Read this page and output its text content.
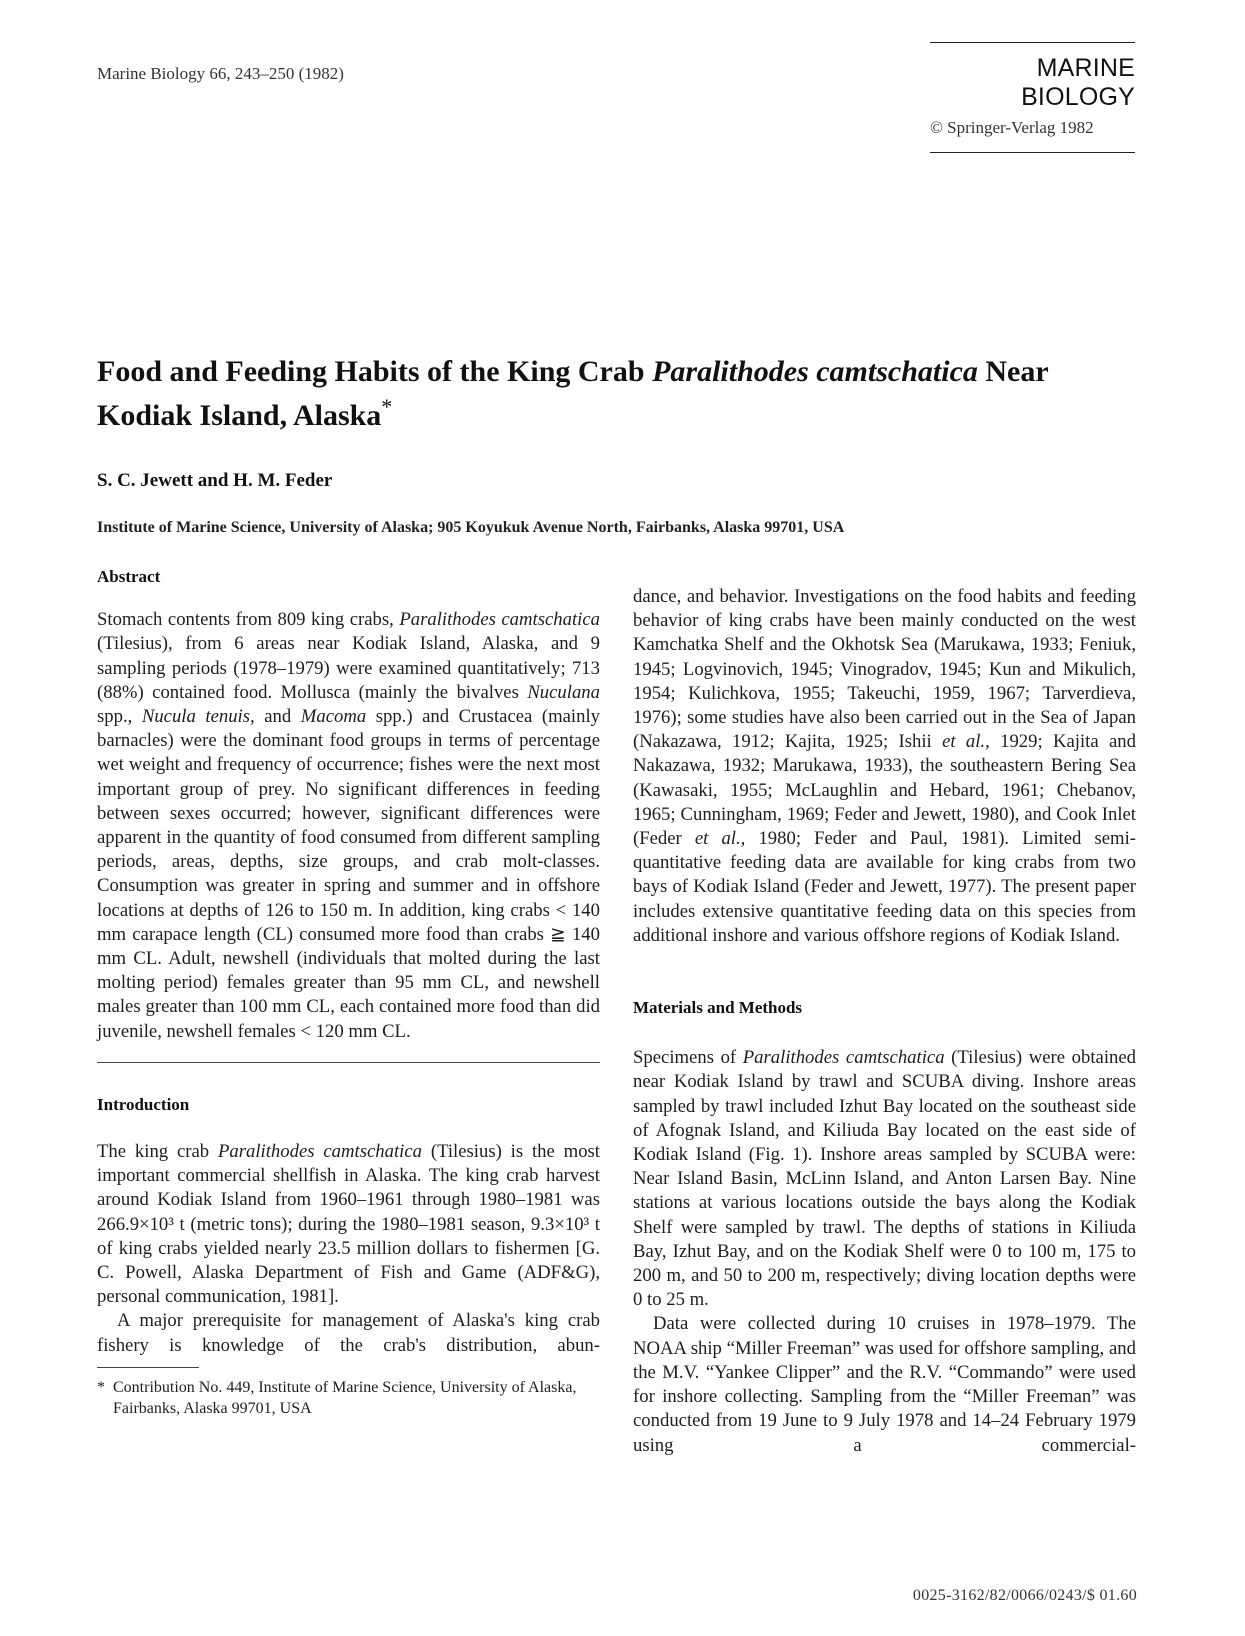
Marine Biology 66, 243–250 (1982)	MARINE BIOLOGY
© Springer-Verlag 1982
Food and Feeding Habits of the King Crab Paralithodes camtschatica Near
Kodiak Island, Alaska*
S. C. Jewett and H. M. Feder
Institute of Marine Science, University of Alaska; 905 Koyukuk Avenue North, Fairbanks, Alaska 99701, USA
Abstract

Stomach contents from 809 king crabs, Paralithodes camtschatica (Tilesius), from 6 areas near Kodiak Island, Alaska, and 9 sampling periods (1978–1979) were examined quantitatively; 713 (88%) contained food. Mollusca (mainly the bivalves Nuculana spp., Nucula tenuis, and Macoma spp.) and Crustacea (mainly barnacles) were the dominant food groups in terms of percentage wet weight and frequency of occurrence; fishes were the next most important group of prey. No significant differences in feeding between sexes occurred; however, significant differences were apparent in the quantity of food consumed from different sampling periods, areas, depths, size groups, and crab molt-classes. Consumption was greater in spring and summer and in offshore locations at depths of 126 to 150 m. In addition, king crabs < 140 mm carapace length (CL) consumed more food than crabs ≧ 140 mm CL. Adult, newshell (individuals that molted during the last molting period) females greater than 95 mm CL, and newshell males greater than 100 mm CL, each contained more food than did juvenile, newshell females < 120 mm CL.

Introduction

The king crab Paralithodes camtschatica (Tilesius) is the most important commercial shellfish in Alaska. The king crab harvest around Kodiak Island from 1960–1961 through 1980–1981 was 266.9×10³ t (metric tons); during the 1980–1981 season, 9.3×10³ t of king crabs yielded nearly 23.5 million dollars to fishermen [G. C. Powell, Alaska Department of Fish and Game (ADF&G), personal communication, 1981].

A major prerequisite for management of Alaska's king crab fishery is knowledge of the crab's distribution, abun-

* Contribution No. 449, Institute of Marine Science, University of Alaska, Fairbanks, Alaska 99701, USA

dance, and behavior. Investigations on the food habits and feeding behavior of king crabs have been mainly conducted on the west Kamchatka Shelf and the Okhotsk Sea (Marukawa, 1933; Feniuk, 1945; Logvinovich, 1945; Vinogradov, 1945; Kun and Mikulich, 1954; Kulichkova, 1955; Takeuchi, 1959, 1967; Tarverdieva, 1976); some studies have also been carried out in the Sea of Japan (Nakazawa, 1912; Kajita, 1925; Ishii et al., 1929; Kajita and Nakazawa, 1932; Marukawa, 1933), the southeastern Bering Sea (Kawasaki, 1955; McLaughlin and Hebard, 1961; Chebanov, 1965; Cunningham, 1969; Feder and Jewett, 1980), and Cook Inlet (Feder et al., 1980; Feder and Paul, 1981). Limited semi-quantitative feeding data are available for king crabs from two bays of Kodiak Island (Feder and Jewett, 1977). The present paper includes extensive quantitative feeding data on this species from additional inshore and various offshore regions of Kodiak Island.

Materials and Methods

Specimens of Paralithodes camtschatica (Tilesius) were obtained near Kodiak Island by trawl and SCUBA diving. Inshore areas sampled by trawl included Izhut Bay located on the southeast side of Afognak Island, and Kiliuda Bay located on the east side of Kodiak Island (Fig. 1). Inshore areas sampled by SCUBA were: Near Island Basin, McLinn Island, and Anton Larsen Bay. Nine stations at various locations outside the bays along the Kodiak Shelf were sampled by trawl. The depths of stations in Kiliuda Bay, Izhut Bay, and on the Kodiak Shelf were 0 to 100 m, 175 to 200 m, and 50 to 200 m, respectively; diving location depths were 0 to 25 m.

Data were collected during 10 cruises in 1978–1979. The NOAA ship “Miller Freeman” was used for offshore sampling, and the M.V. “Yankee Clipper” and the R.V. “Commando” were used for inshore collecting. Sampling from the “Miller Freeman” was conducted from 19 June to 9 July 1978 and 14–24 February 1979 using a commercial-

0025-3162/82/0066/0243/$ 01.60
